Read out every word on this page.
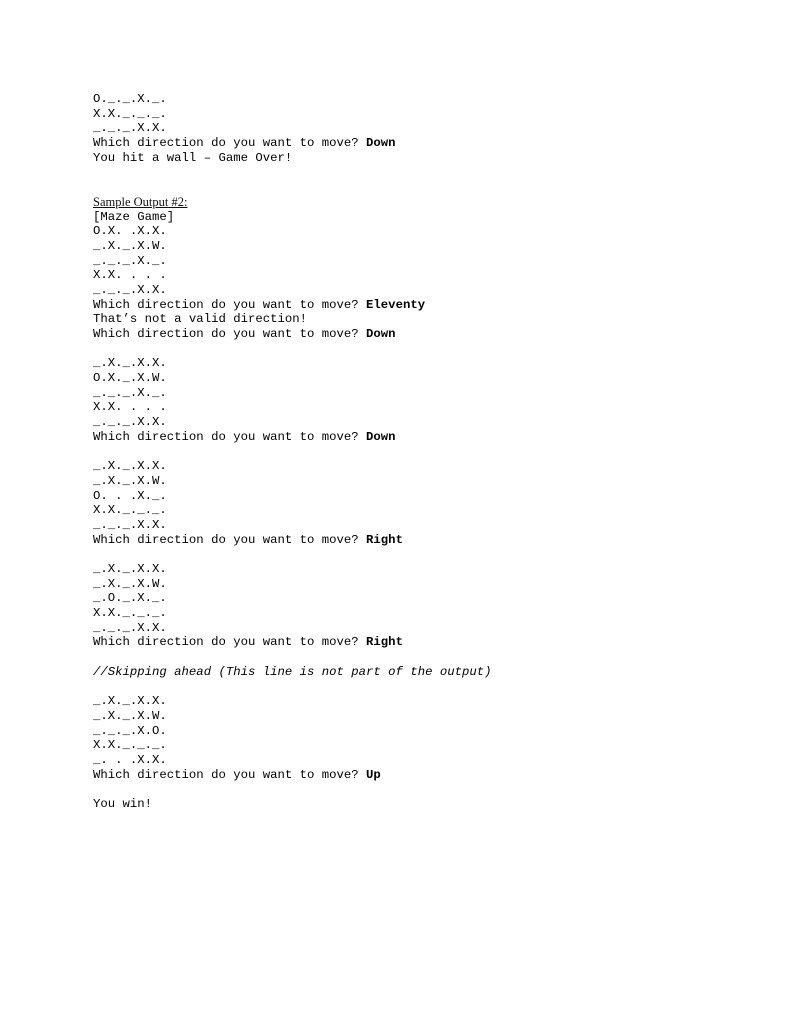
O._._.X._.
X.X._._._.
_._._.X.X.
Which direction do you want to move? Down
You hit a wall – Game Over!
Sample Output #2:
[Maze Game]
O.X. .X.X.
_.X._.X.W.
_._._.X._.
X.X. . . .
_._._.X.X.
Which direction do you want to move? Eleventy
That’s not a valid direction!
Which direction do you want to move? Down
_.X._.X.X.
O.X._.X.W.
_._._.X._.
X.X. . . .
_._._.X.X.
Which direction do you want to move? Down
_.X._.X.X.
_.X._.X.W.
O. . .X._.
X.X._._._.
_._._.X.X.
Which direction do you want to move? Right
_.X._.X.X.
_.X._.X.W.
_.O._.X._.
X.X._._._.
_._._.X.X.
Which direction do you want to move? Right
//Skipping ahead (This line is not part of the output)
_.X._.X.X.
_.X._.X.W.
_._._.X.O.
X.X._._._.
_. . .X.X.
Which direction do you want to move? Up
You win!
